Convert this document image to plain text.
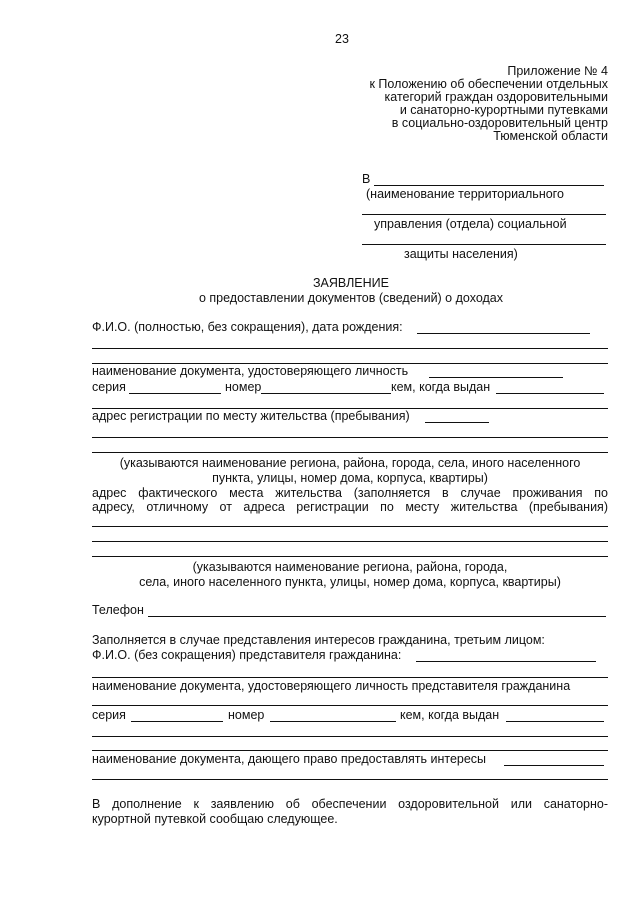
23
Приложение № 4
к Положению об обеспечении отдельных
категорий граждан оздоровительными
и санаторно-курортными путевками
в социально-оздоровительный центр
Тюменской области
В
(наименование территориального
управления (отдела) социальной
защиты населения)
ЗАЯВЛЕНИЕ
о предоставлении документов (сведений) о доходах
Ф.И.О. (полностью, без сокращения), дата рождения:
наименование документа, удостоверяющего личность
серия	номер	кем, когда выдан
адрес регистрации по месту жительства (пребывания)
(указываются наименование региона, района, города, села, иного населенного
пункта, улицы, номер дома, корпуса, квартиры)
адрес фактического места жительства (заполняется в случае проживания по
адресу, отличному от адреса регистрации по месту жительства (пребывания)
(указываются наименование региона, района, города,
села, иного населенного пункта, улицы, номер дома, корпуса, квартиры)
Телефон
Заполняется в случае представления интересов гражданина, третьим лицом:
Ф.И.О. (без сокращения) представителя гражданина:
наименование документа, удостоверяющего личность представителя гражданина
серия	номер	кем, когда выдан
наименование документа, дающего право предоставлять интересы
В дополнение к заявлению об обеспечении оздоровительной или санаторно-
курортной путевкой сообщаю следующее.
